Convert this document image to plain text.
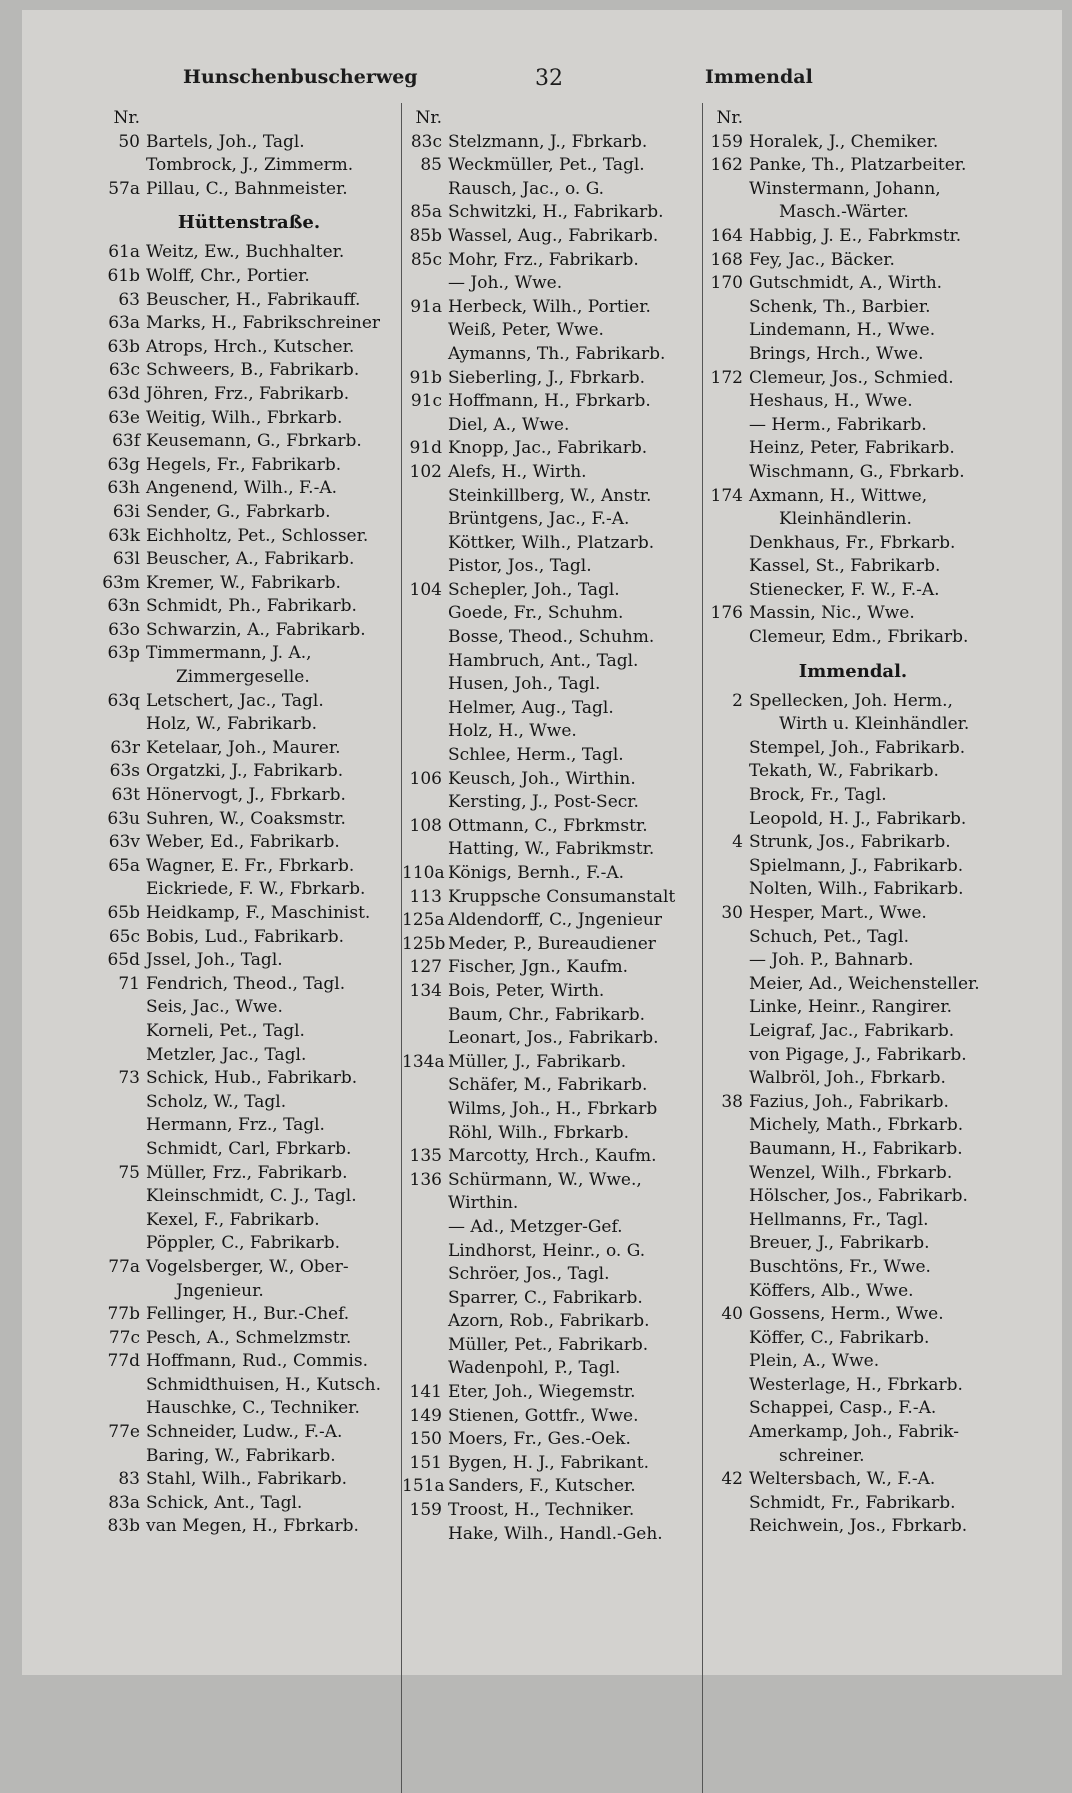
Hunschenbuscherweg	32	Immendal
Nr.
50 Bartels, Joh., Tagl.
Tombrock, J., Zimmerm.
57a Pillau, C., Bahnmeister.
Hüttenstraße.
61a Weitz, Ew., Buchhalter.
61b Wolff, Chr., Portier.
63 Beuscher, H., Fabrikauff.
63a Marks, H., Fabrikschreiner
63b Atrops, Hrch., Kutscher.
63c Schweers, B., Fabrikarb.
63d Jöhren, Frz., Fabrikarb.
63e Weitig, Wilh., Fbrkarb.
63f Keusemann, G., Fbrkarb.
63g Hegels, Fr., Fabrikarb.
63h Angenend, Wilh., F.-A.
63i Sender, G., Fabrkarb.
63k Eichholtz, Pet., Schlosser.
63l Beuscher, A., Fabrikarb.
63m Kremer, W., Fabrikarb.
63n Schmidt, Ph., Fabrikarb.
63o Schwarzin, A., Fabrikarb.
63p Timmermann, J. A.,
Zimmergeselle.
63q Letschert, Jac., Tagl.
Holz, W., Fabrikarb.
63r Ketelaar, Joh., Maurer.
63s Orgatzki, J., Fabrikarb.
63t Hönervogt, J., Fbrkarb.
63u Suhren, W., Coaksmstr.
63v Weber, Ed., Fabrikarb.
65a Wagner, E. Fr., Fbrkarb.
Eickriede, F. W., Fbrkarb.
65b Heidkamp, F., Maschinist.
65c Bobis, Lud., Fabrikarb.
65d Jssel, Joh., Tagl.
71 Fendrich, Theod., Tagl.
Seis, Jac., Wwe.
Korneli, Pet., Tagl.
Metzler, Jac., Tagl.
73 Schick, Hub., Fabrikarb.
Scholz, W., Tagl.
Hermann, Frz., Tagl.
Schmidt, Carl, Fbrkarb.
75 Müller, Frz., Fabrikarb.
Kleinschmidt, C. J., Tagl.
Kexel, F., Fabrikarb.
Pöppler, C., Fabrikarb.
77a Vogelsberger, W., Ober-
Jngenieur.
77b Fellinger, H., Bur.-Chef.
77c Pesch, A., Schmelzmstr.
77d Hoffmann, Rud., Commis.
Schmidthuisen, H., Kutsch.
Hauschke, C., Techniker.
77e Schneider, Ludw., F.-A.
Baring, W., Fabrikarb.
83 Stahl, Wilh., Fabrikarb.
83a Schick, Ant., Tagl.
83b van Megen, H., Fbrkarb.
Nr.
83c Stelzmann, J., Fbrkarb.
85 Weckmüller, Pet., Tagl.
Rausch, Jac., o. G.
85a Schwitzki, H., Fabrikarb.
85b Wassel, Aug., Fabrikarb.
85c Mohr, Frz., Fabrikarb.
— Joh., Wwe.
91a Herbeck, Wilh., Portier.
Weiß, Peter, Wwe.
Aymanns, Th., Fabrikarb.
91b Sieberling, J., Fbrkarb.
91c Hoffmann, H., Fbrkarb.
Diel, A., Wwe.
91d Knopp, Jac., Fabrikarb.
102 Alefs, H., Wirth.
Steinkillberg, W., Anstr.
Brüntgens, Jac., F.-A.
Köttker, Wilh., Platzarb.
Pistor, Jos., Tagl.
104 Schepler, Joh., Tagl.
Goede, Fr., Schuhm.
Bosse, Theod., Schuhm.
Hambruch, Ant., Tagl.
Husen, Joh., Tagl.
Helmer, Aug., Tagl.
Holz, H., Wwe.
Schlee, Herm., Tagl.
106 Keusch, Joh., Wirthin.
Kersting, J., Post-Secr.
108 Ottmann, C., Fbrkmstr.
Hatting, W., Fabrikmstr.
110a Königs, Bernh., F.-A.
113 Kruppsche Consumanstalt
125a Aldendorff, C., Jngenieur
125b Meder, P., Bureaudiener
127 Fischer, Jgn., Kaufm.
134 Bois, Peter, Wirth.
Baum, Chr., Fabrikarb.
Leonart, Jos., Fabrikarb.
134a Müller, J., Fabrikarb.
Schäfer, M., Fabrikarb.
Wilms, Joh., H., Fbrkarb
Röhl, Wilh., Fbrkarb.
135 Marcotty, Hrch., Kaufm.
136 Schürmann, W., Wwe.,
Wirthin.
— Ad., Metzger-Gef.
Lindhorst, Heinr., o. G.
Schröer, Jos., Tagl.
Sparrer, C., Fabrikarb.
Azorn, Rob., Fabrikarb.
Müller, Pet., Fabrikarb.
Wadenpohl, P., Tagl.
141 Eter, Joh., Wiegemstr.
149 Stienen, Gottfr., Wwe.
150 Moers, Fr., Ges.-Oek.
151 Bygen, H. J., Fabrikant.
151a Sanders, F., Kutscher.
159 Troost, H., Techniker.
Hake, Wilh., Handl.-Geh.
Nr.
159 Horalek, J., Chemiker.
162 Panke, Th., Platzarbeiter.
Winstermann, Johann,
Masch.-Wärter.
164 Habbig, J. E., Fabrkmstr.
168 Fey, Jac., Bäcker.
170 Gutschmidt, A., Wirth.
Schenk, Th., Barbier.
Lindemann, H., Wwe.
Brings, Hrch., Wwe.
172 Clemeur, Jos., Schmied.
Heshaus, H., Wwe.
— Herm., Fabrikarb.
Heinz, Peter, Fabrikarb.
Wischmann, G., Fbrkarb.
174 Axmann, H., Wittwe,
Kleinhändlerin.
Denkhaus, Fr., Fbrkarb.
Kassel, St., Fabrikarb.
Stienecker, F. W., F.-A.
176 Massin, Nic., Wwe.
Clemeur, Edm., Fbrikarb.
Immendal.
2 Spellecken, Joh. Herm.,
Wirth u. Kleinhändler.
Stempel, Joh., Fabrikarb.
Tekath, W., Fabrikarb.
Brock, Fr., Tagl.
Leopold, H. J., Fabrikarb.
4 Strunk, Jos., Fabrikarb.
Spielmann, J., Fabrikarb.
Nolten, Wilh., Fabrikarb.
30 Hesper, Mart., Wwe.
Schuch, Pet., Tagl.
— Joh. P., Bahnarb.
Meier, Ad., Weichensteller.
Linke, Heinr., Rangirer.
Leigraf, Jac., Fabrikarb.
von Pigage, J., Fabrikarb.
Walbröl, Joh., Fbrkarb.
38 Fazius, Joh., Fabrikarb.
Michely, Math., Fbrkarb.
Baumann, H., Fabrikarb.
Wenzel, Wilh., Fbrkarb.
Hölscher, Jos., Fabrikarb.
Hellmanns, Fr., Tagl.
Breuer, J., Fabrikarb.
Buschtöns, Fr., Wwe.
Köffers, Alb., Wwe.
40 Gossens, Herm., Wwe.
Köffer, C., Fabrikarb.
Plein, A., Wwe.
Westerlage, H., Fbrkarb.
Schappei, Casp., F.-A.
Amerkamp, Joh., Fabrik-
schreiner.
42 Weltersbach, W., F.-A.
Schmidt, Fr., Fabrikarb.
Reichwein, Jos., Fbrkarb.
